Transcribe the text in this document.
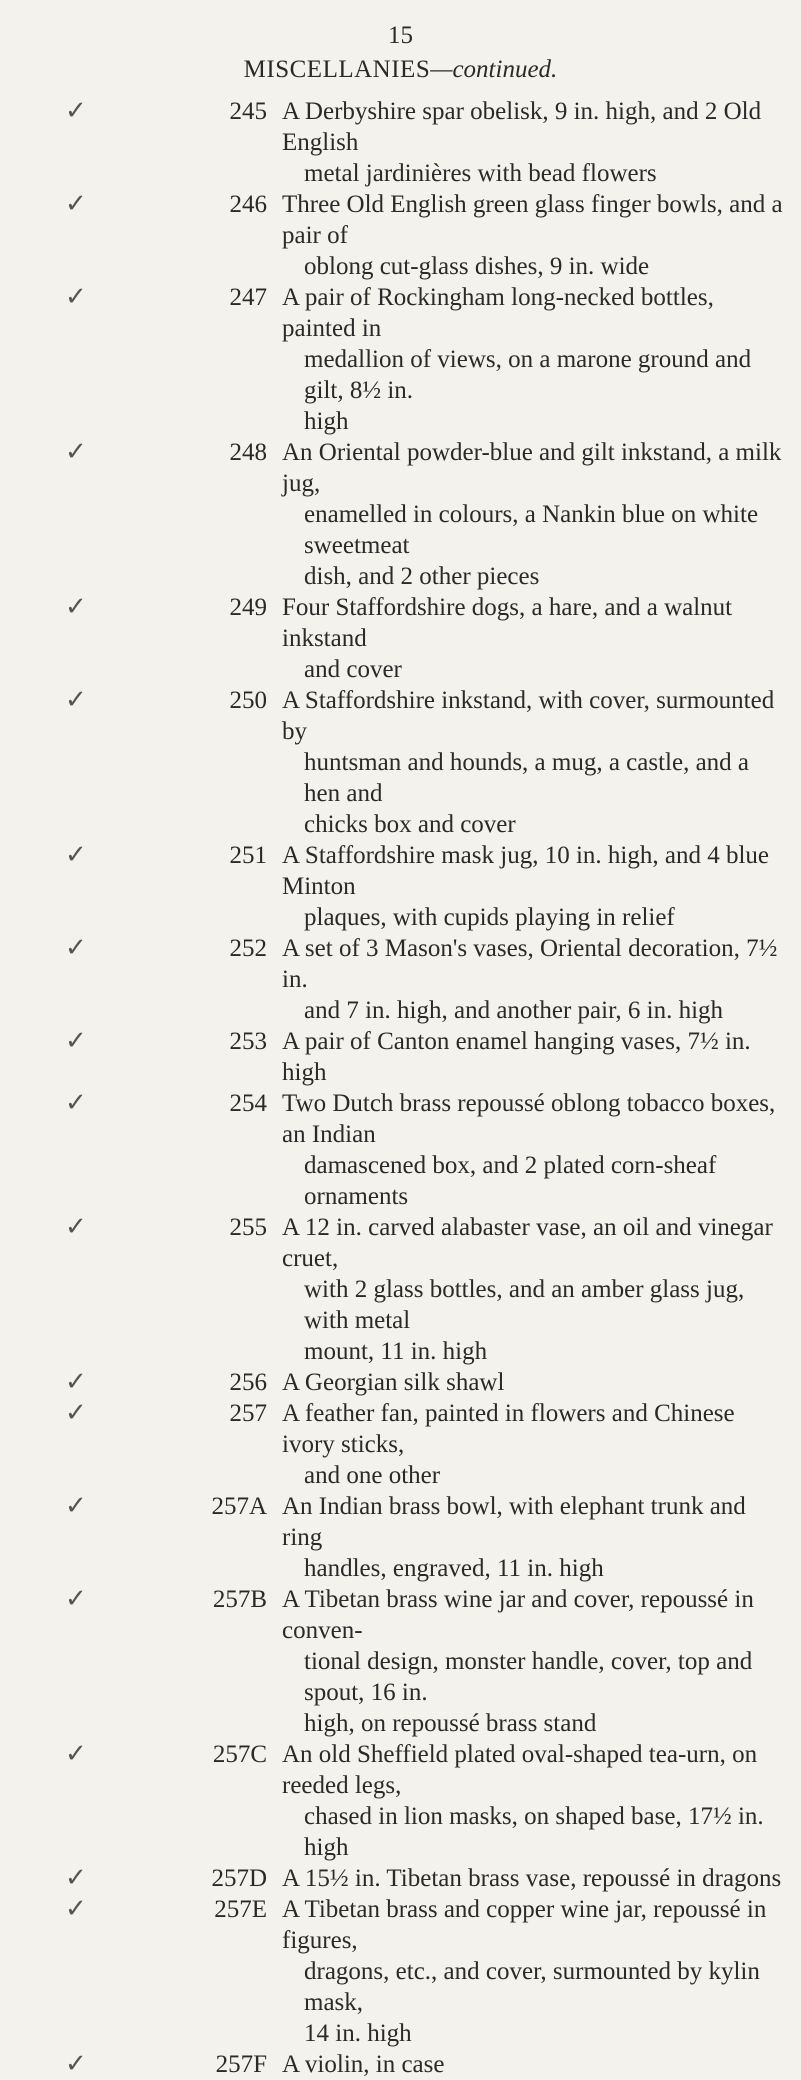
15
MISCELLANIES—continued.
✓	245 A Derbyshire spar obelisk, 9 in. high, and 2 Old English
metal jardinières with bead flowers
✓	246 Three Old English green glass finger bowls, and a pair of
oblong cut-glass dishes, 9 in. wide
✓	247 A pair of Rockingham long-necked bottles, painted in
medallion of views, on a marone ground and gilt, 8½ in.
high
✓	248 An Oriental powder-blue and gilt inkstand, a milk jug,
enamelled in colours, a Nankin blue on white sweetmeat
dish, and 2 other pieces
✓	249 Four Staffordshire dogs, a hare, and a walnut inkstand
and cover
✓	250 A Staffordshire inkstand, with cover, surmounted by
huntsman and hounds, a mug, a castle, and a hen and
chicks box and cover
✓	251 A Staffordshire mask jug, 10 in. high, and 4 blue Minton
plaques, with cupids playing in relief
✓	252 A set of 3 Mason's vases, Oriental decoration, 7½ in.
and 7 in. high, and another pair, 6 in. high
✓	253 A pair of Canton enamel hanging vases, 7½ in. high
✓	254 Two Dutch brass repoussé oblong tobacco boxes, an Indian
damascened box, and 2 plated corn-sheaf ornaments
✓	255 A 12 in. carved alabaster vase, an oil and vinegar cruet,
with 2 glass bottles, and an amber glass jug, with metal
mount, 11 in. high
✓	256 A Georgian silk shawl
✓	257 A feather fan, painted in flowers and Chinese ivory sticks,
and one other
✓	257A An Indian brass bowl, with elephant trunk and ring
handles, engraved, 11 in. high
✓	257B A Tibetan brass wine jar and cover, repoussé in conven-
tional design, monster handle, cover, top and spout, 16 in.
high, on repoussé brass stand
✓	257C An old Sheffield plated oval-shaped tea-urn, on reeded legs,
chased in lion masks, on shaped base, 17½ in. high
✓	257D A 15½ in. Tibetan brass vase, repoussé in dragons
✓	257E A Tibetan brass and copper wine jar, repoussé in figures,
dragons, etc., and cover, surmounted by kylin mask,
14 in. high
✓	257F A violin, in case
